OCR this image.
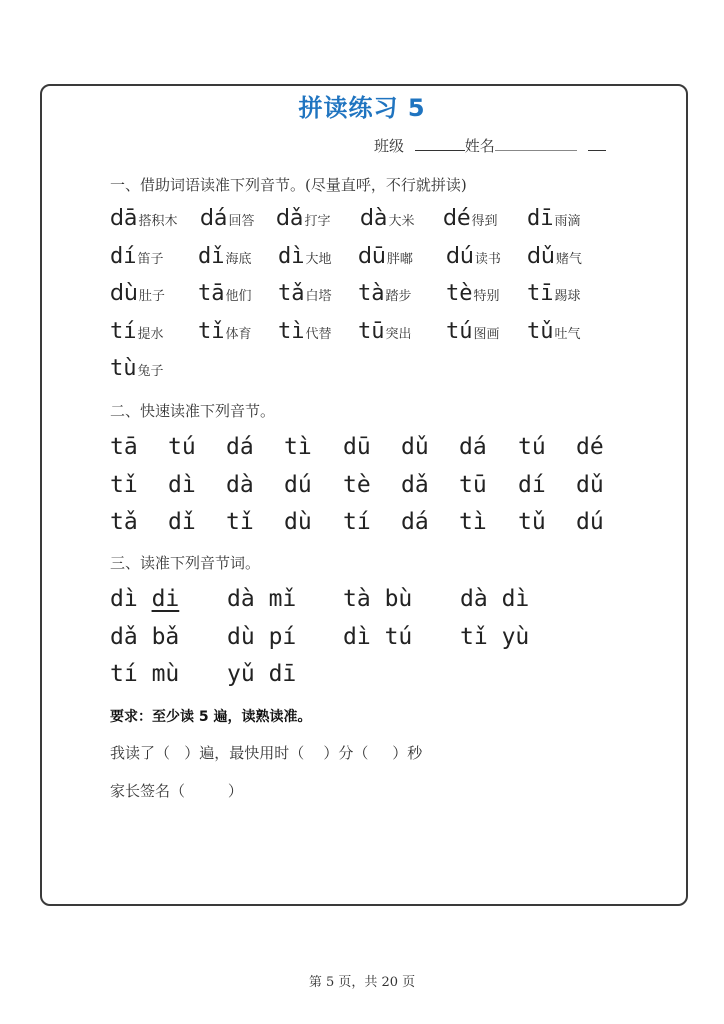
拼读练习 5
班级	姓名
一、借助词语读准下列音节。(尽量直呼，不行就拼读)
dā搭积木 dá回答 dǎ打字 dà大米 dé得到 dī雨滴
dí笛子 dǐ海底 dì大地 dū胖嘟 dú读书 dǔ赌气
dù肚子 tā他们 tǎ白塔 tà踏步 tè特别 tī踢球
tí提水 tǐ体育 tì代替 tū突出 tú图画 tǔ吐气
tù兔子
二、快速读准下列音节。
tā tú dá tì dū dǔ dá tú dé
tǐ dì dà dú tè dǎ tū dí dǔ
tǎ dǐ tǐ dù tí dá tì tǔ dú
三、读准下列音节词。
dì di dà mǐ tà bù dà dì
dǎ bǎ dù pí dì tú tǐ yù
tí mù yǔ dī
要求：至少读 5 遍，读熟读准。
我读了（   ）遍，最快用时（    ）分（     ）秒
家长签名（         ）
第 5 页，共 20 页
